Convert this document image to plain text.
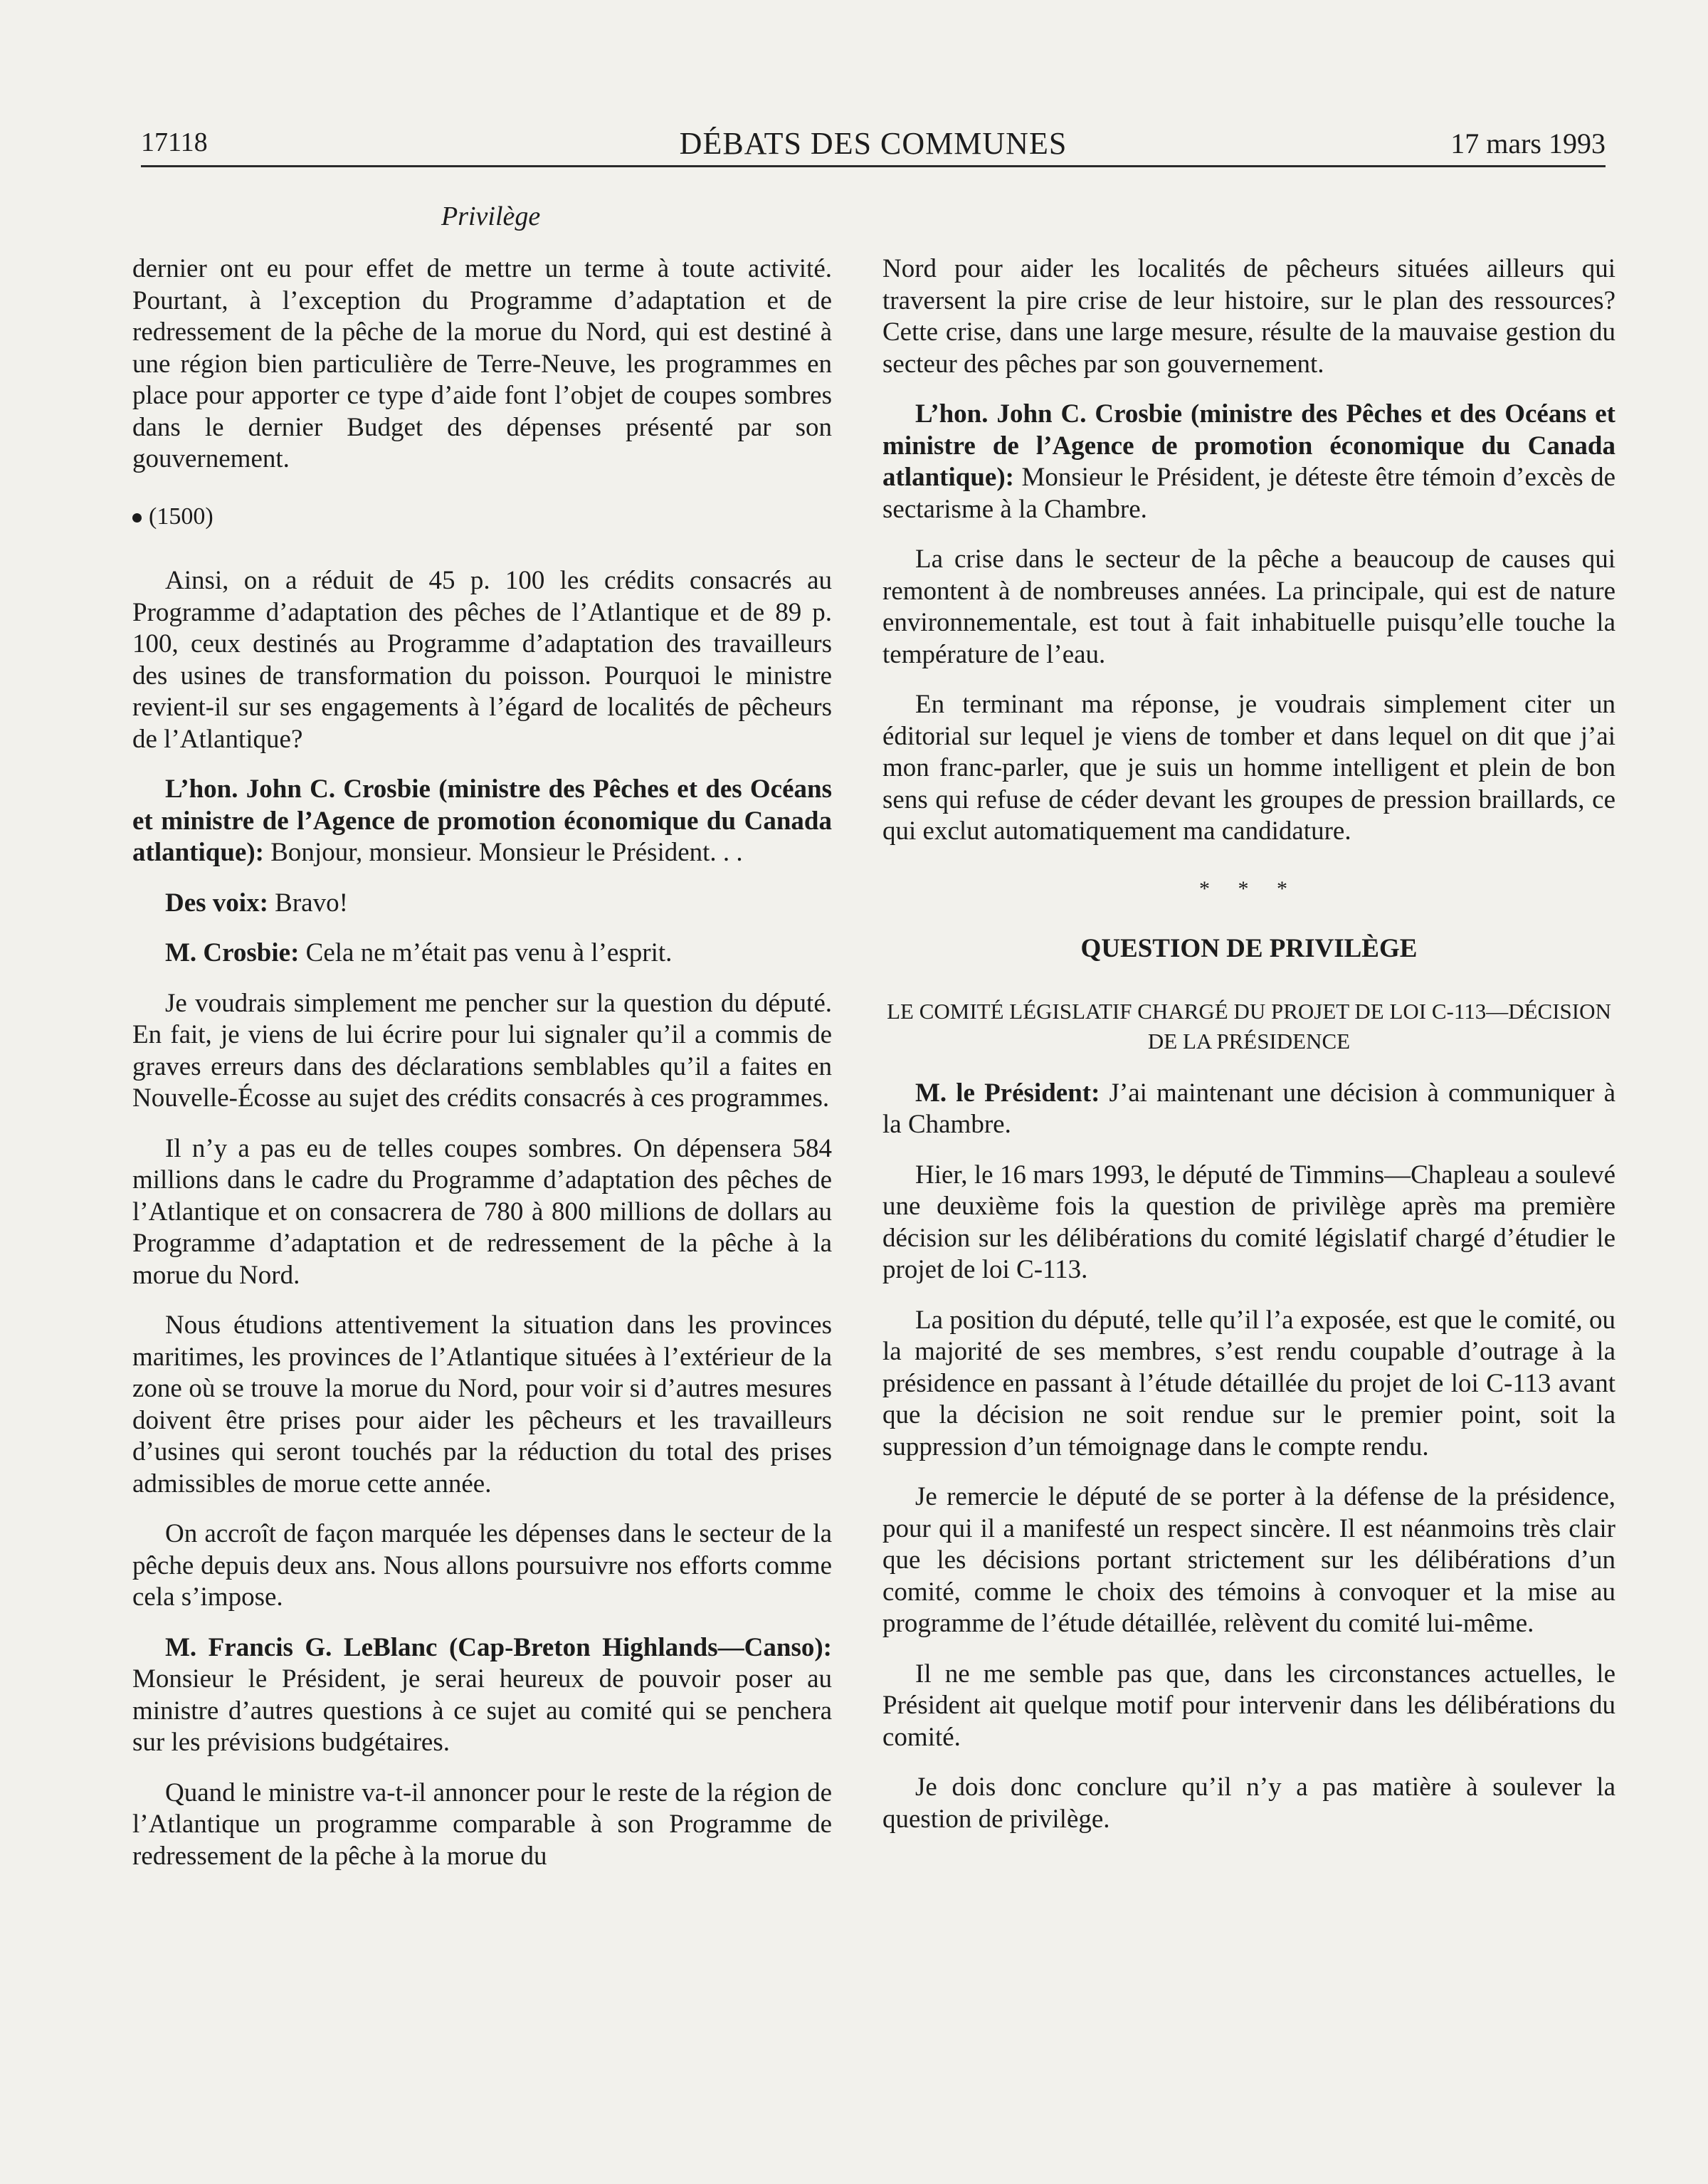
17118	DÉBATS DES COMMUNES	17 mars 1993
Privilège

dernier ont eu pour effet de mettre un terme à toute activité. Pourtant, à l’exception du Programme d’adaptation et de redressement de la pêche de la morue du Nord, qui est destiné à une région bien particulière de Terre-Neuve, les programmes en place pour apporter ce type d’aide font l’objet de coupes sombres dans le dernier Budget des dépenses présenté par son gouvernement.

(1500)

Ainsi, on a réduit de 45 p. 100 les crédits consacrés au Programme d’adaptation des pêches de l’Atlantique et de 89 p. 100, ceux destinés au Programme d’adaptation des travailleurs des usines de transformation du poisson. Pourquoi le ministre revient-il sur ses engagements à l’égard de localités de pêcheurs de l’Atlantique?

L’hon. John C. Crosbie (ministre des Pêches et des Océans et ministre de l’Agence de promotion économique du Canada atlantique): Bonjour, monsieur. Monsieur le Président. . .

Des voix: Bravo!

M. Crosbie: Cela ne m’était pas venu à l’esprit.

Je voudrais simplement me pencher sur la question du député. En fait, je viens de lui écrire pour lui signaler qu’il a commis de graves erreurs dans des déclarations semblables qu’il a faites en Nouvelle-Écosse au sujet des crédits consacrés à ces programmes.

Il n’y a pas eu de telles coupes sombres. On dépensera 584 millions dans le cadre du Programme d’adaptation des pêches de l’Atlantique et on consacrera de 780 à 800 millions de dollars au Programme d’adaptation et de redressement de la pêche à la morue du Nord.

Nous étudions attentivement la situation dans les provinces maritimes, les provinces de l’Atlantique situées à l’extérieur de la zone où se trouve la morue du Nord, pour voir si d’autres mesures doivent être prises pour aider les pêcheurs et les travailleurs d’usines qui seront touchés par la réduction du total des prises admissibles de morue cette année.

On accroît de façon marquée les dépenses dans le secteur de la pêche depuis deux ans. Nous allons poursuivre nos efforts comme cela s’impose.

M. Francis G. LeBlanc (Cap-Breton Highlands—Canso): Monsieur le Président, je serai heureux de pouvoir poser au ministre d’autres questions à ce sujet au comité qui se penchera sur les prévisions budgétaires.

Quand le ministre va-t-il annoncer pour le reste de la région de l’Atlantique un programme comparable à son Programme de redressement de la pêche à la morue du

Nord pour aider les localités de pêcheurs situées ailleurs qui traversent la pire crise de leur histoire, sur le plan des ressources? Cette crise, dans une large mesure, résulte de la mauvaise gestion du secteur des pêches par son gouvernement.

L’hon. John C. Crosbie (ministre des Pêches et des Océans et ministre de l’Agence de promotion économique du Canada atlantique): Monsieur le Président, je déteste être témoin d’excès de sectarisme à la Chambre.

La crise dans le secteur de la pêche a beaucoup de causes qui remontent à de nombreuses années. La principale, qui est de nature environnementale, est tout à fait inhabituelle puisqu’elle touche la température de l’eau.

En terminant ma réponse, je voudrais simplement citer un éditorial sur lequel je viens de tomber et dans lequel on dit que j’ai mon franc-parler, que je suis un homme intelligent et plein de bon sens qui refuse de céder devant les groupes de pression braillards, ce qui exclut automatiquement ma candidature.

* * *
QUESTION DE PRIVILÈGE
LE COMITÉ LÉGISLATIF CHARGÉ DU PROJET DE LOI C-113—DÉCISION DE LA PRÉSIDENCE

M. le Président: J’ai maintenant une décision à communiquer à la Chambre.

Hier, le 16 mars 1993, le député de Timmins—Chapleau a soulevé une deuxième fois la question de privilège après ma première décision sur les délibérations du comité législatif chargé d’étudier le projet de loi C-113.

La position du député, telle qu’il l’a exposée, est que le comité, ou la majorité de ses membres, s’est rendu coupable d’outrage à la présidence en passant à l’étude détaillée du projet de loi C-113 avant que la décision ne soit rendue sur le premier point, soit la suppression d’un témoignage dans le compte rendu.

Je remercie le député de se porter à la défense de la présidence, pour qui il a manifesté un respect sincère. Il est néanmoins très clair que les décisions portant strictement sur les délibérations d’un comité, comme le choix des témoins à convoquer et la mise au programme de l’étude détaillée, relèvent du comité lui-même.

Il ne me semble pas que, dans les circonstances actuelles, le Président ait quelque motif pour intervenir dans les délibérations du comité.

Je dois donc conclure qu’il n’y a pas matière à soulever la question de privilège.
